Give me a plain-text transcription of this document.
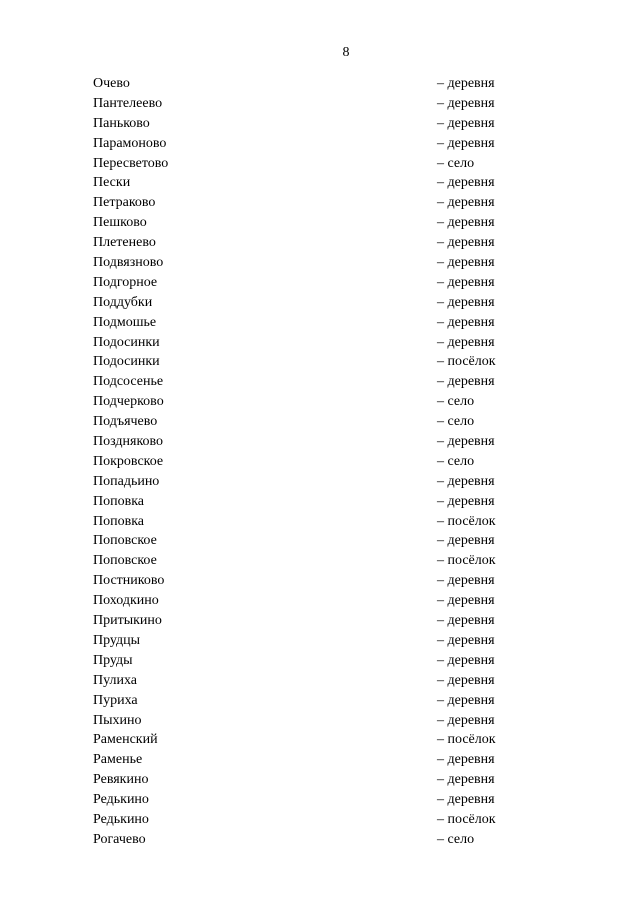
8
Очево	– деревня
Пантелеево	– деревня
Паньково	– деревня
Парамоново	– деревня
Пересветово	– село
Пески	– деревня
Петраково	– деревня
Пешково	– деревня
Плетенево	– деревня
Подвязново	– деревня
Подгорное	– деревня
Поддубки	– деревня
Подмошье	– деревня
Подосинки	– деревня
Подосинки	– посёлок
Подсосенье	– деревня
Подчерково	– село
Подъячево	– село
Поздняково	– деревня
Покровское	– село
Попадьино	– деревня
Поповка	– деревня
Поповка	– посёлок
Поповское	– деревня
Поповское	– посёлок
Постниково	– деревня
Походкино	– деревня
Притыкино	– деревня
Прудцы	– деревня
Пруды	– деревня
Пулиха	– деревня
Пуриха	– деревня
Пыхино	– деревня
Раменский	– посёлок
Раменье	– деревня
Ревякино	– деревня
Редькино	– деревня
Редькино	– посёлок
Рогачево	– село
